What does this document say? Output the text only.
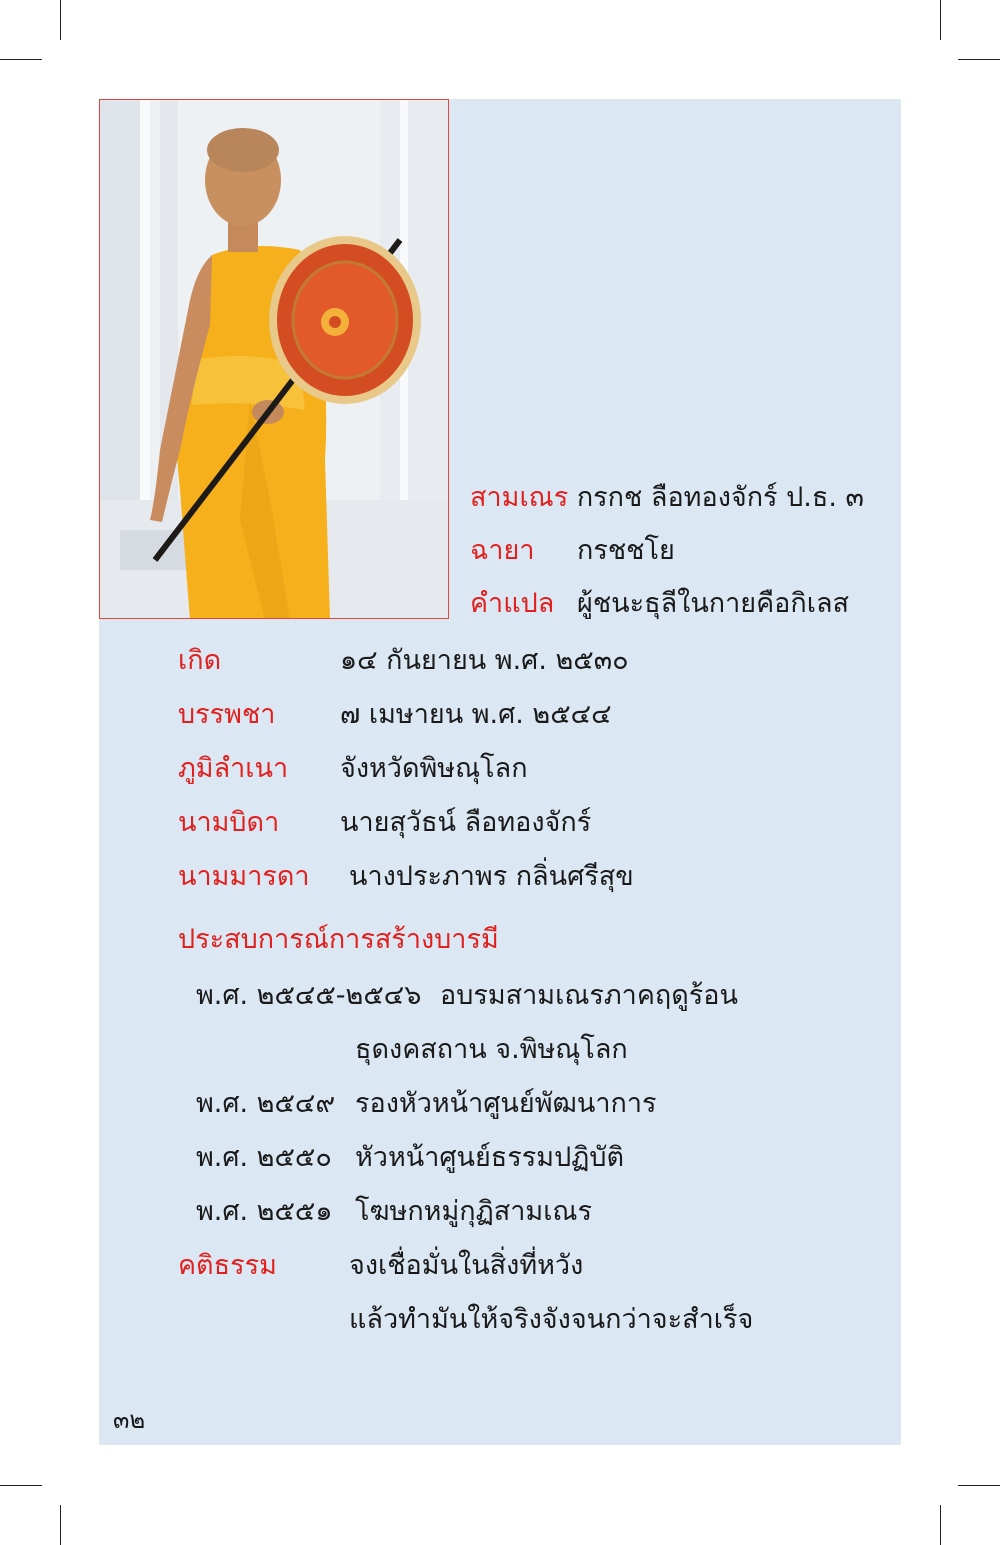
สามเณร กรกช ลือทองจักร์ ป.ธ. ๓
ฉายา กรชชโย
คำแปล ผู้ชนะธุลีในกายคือกิเลส
เกิด	๑๔ กันยายน พ.ศ. ๒๕๓๐
บรรพชา ๗ เมษายน พ.ศ. ๒๕๔๔
ภูมิลำเนา จังหวัดพิษณุโลก
นามบิดา นายสุวัธน์ ลือทองจักร์
นามมารดา นางประภาพร กลิ่นศรีสุข
ประสบการณ์การสร้างบารมี
พ.ศ. ๒๕๔๕-๒๕๔๖ อบรมสามเณรภาคฤดูร้อน
ธุดงคสถาน จ.พิษณุโลก
พ.ศ. ๒๕๔๙ รองหัวหน้าศูนย์พัฒนาการ
พ.ศ. ๒๕๕๐ หัวหน้าศูนย์ธรรมปฏิบัติ
พ.ศ. ๒๕๕๑ โฆษกหมู่กุฏิสามเณร
คติธรรม	จงเชื่อมั่นในสิ่งที่หวัง
แล้วทำมันให้จริงจังจนกว่าจะสำเร็จ
๓๒
